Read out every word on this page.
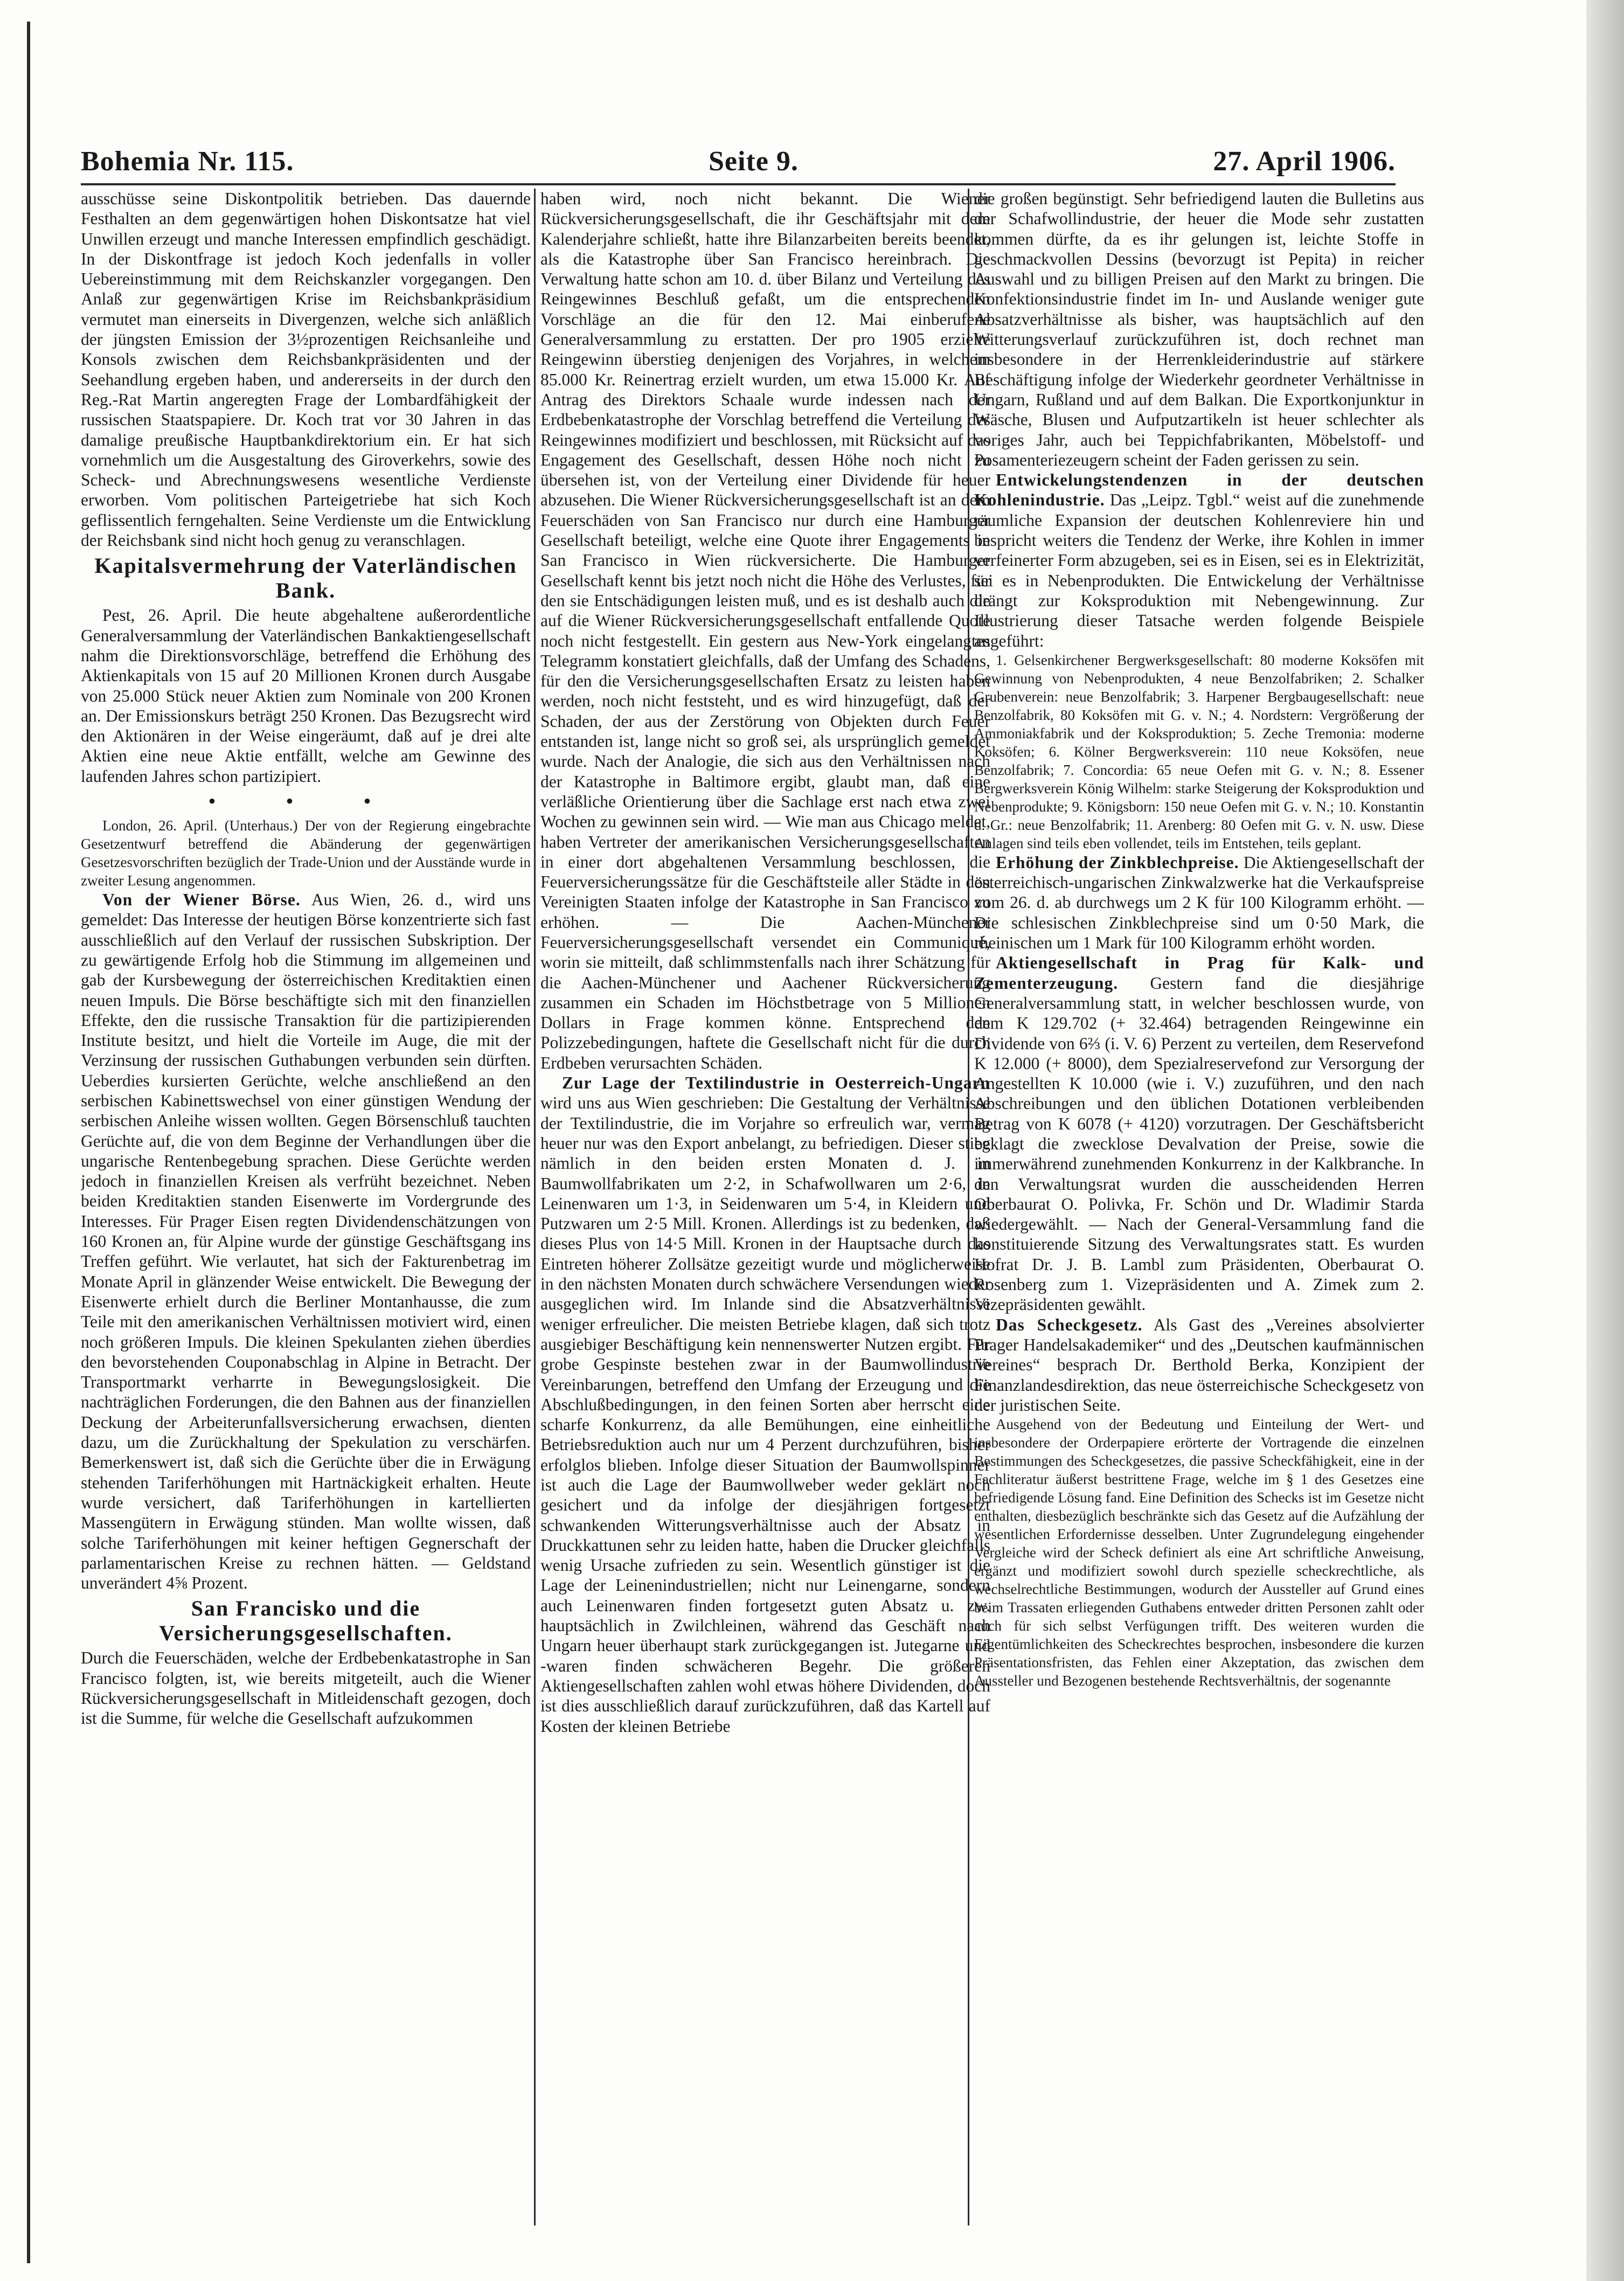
Bohemia Nr. 115.	Seite 9.	27. April 1906.

ausschüsse seine Diskontpolitik betrieben. Das dauernde Festhalten an dem gegenwärtigen hohen Diskontsatze hat viel Unwillen erzeugt und manche Interessen empfindlich geschädigt. In der Diskontfrage ist jedoch Koch jedenfalls in voller Uebereinstimmung mit dem Reichskanzler vorgegangen. Den Anlaß zur gegenwärtigen Krise im Reichsbankpräsidium vermutet man einerseits in Divergenzen, welche sich anläßlich der jüngsten Emission der 3½prozentigen Reichsanleihe und Konsols zwischen dem Reichsbankpräsidenten und der Seehandlung ergeben haben, und andererseits in der durch den Reg.-Rat Martin angeregten Frage der Lombardfähigkeit der russischen Staatspapiere. Dr. Koch trat vor 30 Jahren in das damalige preußische Hauptbankdirektorium ein. Er hat sich vornehmlich um die Ausgestaltung des Giroverkehrs, sowie des Scheck- und Abrechnungswesens wesentliche Verdienste erworben. Vom politischen Parteigetriebe hat sich Koch geflissentlich ferngehalten. Seine Verdienste um die Entwicklung der Reichsbank sind nicht hoch genug zu veranschlagen.

Kapitalsvermehrung der Vaterländischen Bank.

Pest, 26. April. Die heute abgehaltene außerordentliche Generalversammlung der Vaterländischen Bankaktiengesellschaft nahm die Direktionsvorschläge, betreffend die Erhöhung des Aktienkapitals von 15 auf 20 Millionen Kronen durch Ausgabe von 25.000 Stück neuer Aktien zum Nominale von 200 Kronen an. Der Emissionskurs beträgt 250 Kronen. Das Bezugsrecht wird den Aktionären in der Weise eingeräumt, daß auf je drei alte Aktien eine neue Aktie entfällt, welche am Gewinne des laufenden Jahres schon partizipiert.

• • •

London, 26. April. (Unterhaus.) Der von der Regierung eingebrachte Gesetzentwurf betreffend die Abänderung der gegenwärtigen Gesetzesvorschriften bezüglich der Trade-Union und der Ausstände wurde in zweiter Lesung angenommen.

Von der Wiener Börse. Aus Wien, 26. d., wird uns gemeldet: Das Interesse der heutigen Börse konzentrierte sich fast ausschließlich auf den Verlauf der russischen Subskription. Der zu gewärtigende Erfolg hob die Stimmung im allgemeinen und gab der Kursbewegung der österreichischen Kreditaktien einen neuen Impuls. Die Börse beschäftigte sich mit den finanziellen Effekte, den die russische Transaktion für die partizipierenden Institute besitzt, und hielt die Vorteile im Auge, die mit der Verzinsung der russischen Guthabungen verbunden sein dürften. Ueberdies kursierten Gerüchte, welche anschließend an den serbischen Kabinettswechsel von einer günstigen Wendung der serbischen Anleihe wissen wollten. Gegen Börsenschluß tauchten Gerüchte auf, die von dem Beginne der Verhandlungen über die ungarische Rentenbegebung sprachen. Diese Gerüchte werden jedoch in finanziellen Kreisen als verfrüht bezeichnet. Neben beiden Kreditaktien standen Eisenwerte im Vordergrunde des Interesses. Für Prager Eisen regten Dividendenschätzungen von 160 Kronen an, für Alpine wurde der günstige Geschäftsgang ins Treffen geführt. Wie verlautet, hat sich der Fakturenbetrag im Monate April in glänzender Weise entwickelt. Die Bewegung der Eisenwerte erhielt durch die Berliner Montanhausse, die zum Teile mit den amerikanischen Verhältnissen motiviert wird, einen noch größeren Impuls. Die kleinen Spekulanten ziehen überdies den bevorstehenden Couponabschlag in Alpine in Betracht. Der Transportmarkt verharrte in Bewegungslosigkeit. Die nachträglichen Forderungen, die den Bahnen aus der finanziellen Deckung der Arbeiterunfallsversicherung erwachsen, dienten dazu, um die Zurückhaltung der Spekulation zu verschärfen. Bemerkenswert ist, daß sich die Gerüchte über die in Erwägung stehenden Tariferhöhungen mit Hartnäckigkeit erhalten. Heute wurde versichert, daß Tariferhöhungen in kartellierten Massengütern in Erwägung stünden. Man wollte wissen, daß solche Tariferhöhungen mit keiner heftigen Gegnerschaft der parlamentarischen Kreise zu rechnen hätten. — Geldstand unverändert 4⅝ Prozent.

San Francisko und die Versicherungsgesellschaften.

Durch die Feuerschäden, welche der Erdbebenkatastrophe in San Francisco folgten, ist, wie bereits mitgeteilt, auch die Wiener Rückversicherungsgesellschaft in Mitleidenschaft gezogen, doch ist die Summe, für welche die Gesellschaft aufzukommen

haben wird, noch nicht bekannt. Die Wiener Rückversicherungsgesellschaft, die ihr Geschäftsjahr mit dem Kalenderjahre schließt, hatte ihre Bilanzarbeiten bereits beendet, als die Katastrophe über San Francisco hereinbrach. Die Verwaltung hatte schon am 10. d. über Bilanz und Verteilung des Reingewinnes Beschluß gefaßt, um die entsprechenden Vorschläge an die für den 12. Mai einberufene Generalversammlung zu erstatten. Der pro 1905 erzielte Reingewinn überstieg denjenigen des Vorjahres, in welchem 85.000 Kr. Reinertrag erzielt wurden, um etwa 15.000 Kr. Auf Antrag des Direktors Schaale wurde indessen nach der Erdbebenkatastrophe der Vorschlag betreffend die Verteilung des Reingewinnes modifiziert und beschlossen, mit Rücksicht auf das Engagement des Gesellschaft, dessen Höhe noch nicht zu übersehen ist, von der Verteilung einer Dividende für heuer abzusehen. Die Wiener Rückversicherungsgesellschaft ist an dem Feuerschäden von San Francisco nur durch eine Hamburger Gesellschaft beteiligt, welche eine Quote ihrer Engagements in San Francisco in Wien rückversicherte. Die Hamburger Gesellschaft kennt bis jetzt noch nicht die Höhe des Verlustes, für den sie Entschädigungen leisten muß, und es ist deshalb auch die auf die Wiener Rückversicherungsgesellschaft entfallende Quote noch nicht festgestellt. Ein gestern aus New-York eingelangtes Telegramm konstatiert gleichfalls, daß der Umfang des Schadens, für den die Versicherungsgesellschaften Ersatz zu leisten haben werden, noch nicht feststeht, und es wird hinzugefügt, daß der Schaden, der aus der Zerstörung von Objekten durch Feuer entstanden ist, lange nicht so groß sei, als ursprünglich gemeldet wurde. Nach der Analogie, die sich aus den Verhältnissen nach der Katastrophe in Baltimore ergibt, glaubt man, daß eine verläßliche Orientierung über die Sachlage erst nach etwa zwei Wochen zu gewinnen sein wird. — Wie man aus Chicago meldet, haben Vertreter der amerikanischen Versicherungsgesellschaften in einer dort abgehaltenen Versammlung beschlossen, die Feuerversicherungssätze für die Geschäftsteile aller Städte in den Vereinigten Staaten infolge der Katastrophe in San Francisco zu erhöhen. — Die Aachen-Münchener Feuerversicherungsgesellschaft versendet ein Communiqué, worin sie mitteilt, daß schlimmstenfalls nach ihrer Schätzung für die Aachen-Münchener und Aachener Rückversicherung zusammen ein Schaden im Höchstbetrage von 5 Millionen Dollars in Frage kommen könne. Entsprechend den Polizzebedingungen, haftete die Gesellschaft nicht für die durch Erdbeben verursachten Schäden.

Zur Lage der Textilindustrie in Oesterreich-Ungarn wird uns aus Wien geschrieben: Die Gestaltung der Verhältnisse der Textilindustrie, die im Vorjahre so erfreulich war, vermag heuer nur was den Export anbelangt, zu befriedigen. Dieser stieg nämlich in den beiden ersten Monaten d. J. in Baumwollfabrikaten um 2·2, in Schafwollwaren um 2·6, in Leinenwaren um 1·3, in Seidenwaren um 5·4, in Kleidern und Putzwaren um 2·5 Mill. Kronen. Allerdings ist zu bedenken, daß dieses Plus von 14·5 Mill. Kronen in der Hauptsache durch das Eintreten höherer Zollsätze gezeitigt wurde und möglicherweise in den nächsten Monaten durch schwächere Versendungen wieder ausgeglichen wird. Im Inlande sind die Absatzverhältnisse weniger erfreulicher. Die meisten Betriebe klagen, daß sich trotz ausgiebiger Beschäftigung kein nennenswerter Nutzen ergibt. Für grobe Gespinste bestehen zwar in der Baumwollindustrie Vereinbarungen, betreffend den Umfang der Erzeugung und die Abschlußbedingungen, in den feinen Sorten aber herrscht eine scharfe Konkurrenz, da alle Bemühungen, eine einheitliche Betriebsreduktion auch nur um 4 Perzent durchzuführen, bisher erfolglos blieben. Infolge dieser Situation der Baumwollspinner ist auch die Lage der Baumwollweber weder geklärt noch gesichert und da infolge der diesjährigen fortgesetzt schwankenden Witterungsverhältnisse auch der Absatz in Druckkattunen sehr zu leiden hatte, haben die Drucker gleichfalls wenig Ursache zufrieden zu sein. Wesentlich günstiger ist die Lage der Leinenindustriellen; nicht nur Leinengarne, sondern auch Leinenwaren finden fortgesetzt guten Absatz u. zw. hauptsächlich in Zwilchleinen, während das Geschäft nach Ungarn heuer überhaupt stark zurückgegangen ist. Jutegarne und -waren finden schwächeren Begehr. Die größeren Aktiengesellschaften zahlen wohl etwas höhere Dividenden, doch ist dies ausschließlich darauf zurückzuführen, daß das Kartell auf Kosten der kleinen Betriebe

die großen begünstigt. Sehr befriedigend lauten die Bulletins aus der Schafwollindustrie, der heuer die Mode sehr zustatten kommen dürfte, da es ihr gelungen ist, leichte Stoffe in geschmackvollen Dessins (bevorzugt ist Pepita) in reicher Auswahl und zu billigen Preisen auf den Markt zu bringen. Die Konfektionsindustrie findet im In- und Auslande weniger gute Absatzverhältnisse als bisher, was hauptsächlich auf den Witterungsverlauf zurückzuführen ist, doch rechnet man insbesondere in der Herrenkleiderindustrie auf stärkere Beschäftigung infolge der Wiederkehr geordneter Verhältnisse in Ungarn, Rußland und auf dem Balkan. Die Exportkonjunktur in Wäsche, Blusen und Aufputzartikeln ist heuer schlechter als voriges Jahr, auch bei Teppichfabrikanten, Möbelstoff- und Posamenteriezeugern scheint der Faden gerissen zu sein.

Entwickelungstendenzen in der deutschen Kohlenindustrie. Das „Leipz. Tgbl.“ weist auf die zunehmende räumliche Expansion der deutschen Kohlenreviere hin und bespricht weiters die Tendenz der Werke, ihre Kohlen in immer verfeinerter Form abzugeben, sei es in Eisen, sei es in Elektrizität, sei es in Nebenprodukten. Die Entwickelung der Verhältnisse drängt zur Koksproduktion mit Nebengewinnung. Zur Illustrierung dieser Tatsache werden folgende Beispiele angeführt:

1. Gelsenkirchener Bergwerksgesellschaft: 80 moderne Koksöfen mit Gewinnung von Nebenprodukten, 4 neue Benzolfabriken; 2. Schalker Grubenverein: neue Benzolfabrik; 3. Harpener Bergbaugesellschaft: neue Benzolfabrik, 80 Koksöfen mit G. v. N.; 4. Nordstern: Vergrößerung der Ammoniakfabrik und der Koksproduktion; 5. Zeche Tremonia: moderne Koksöfen; 6. Kölner Bergwerksverein: 110 neue Koksöfen, neue Benzolfabrik; 7. Concordia: 65 neue Oefen mit G. v. N.; 8. Essener Bergwerksverein König Wilhelm: starke Steigerung der Koksproduktion und Nebenprodukte; 9. Königsborn: 150 neue Oefen mit G. v. N.; 10. Konstantin d. Gr.: neue Benzolfabrik; 11. Arenberg: 80 Oefen mit G. v. N. usw. Diese Anlagen sind teils eben vollendet, teils im Entstehen, teils geplant.

Erhöhung der Zinkblechpreise. Die Aktiengesellschaft der österreichisch-ungarischen Zinkwalzwerke hat die Verkaufspreise vom 26. d. ab durchwegs um 2 K für 100 Kilogramm erhöht. — Die schlesischen Zinkblechpreise sind um 0·50 Mark, die rheinischen um 1 Mark für 100 Kilogramm erhöht worden.

Aktiengesellschaft in Prag für Kalk- und Zementerzeugung. Gestern fand die diesjährige Generalversammlung statt, in welcher beschlossen wurde, von dem K 129.702 (+ 32.464) betragenden Reingewinne ein Dividende von 6⅔ (i. V. 6) Perzent zu verteilen, dem Reservefond K 12.000 (+ 8000), dem Spezialreservefond zur Versorgung der Angestellten K 10.000 (wie i. V.) zuzuführen, und den nach Abschreibungen und den üblichen Dotationen verbleibenden Betrag von K 6078 (+ 4120) vorzutragen. Der Geschäftsbericht beklagt die zwecklose Devalvation der Preise, sowie die immerwährend zunehmenden Konkurrenz in der Kalkbranche. In den Verwaltungsrat wurden die ausscheidenden Herren Oberbaurat O. Polivka, Fr. Schön und Dr. Wladimir Starda wiedergewählt. — Nach der General-Versammlung fand die konstituierende Sitzung des Verwaltungsrates statt. Es wurden Hofrat Dr. J. B. Lambl zum Präsidenten, Oberbaurat O. Rosenberg zum 1. Vizepräsidenten und A. Zimek zum 2. Vizepräsidenten gewählt.

Das Scheckgesetz. Als Gast des „Vereines absolvierter Prager Handelsakademiker“ und des „Deutschen kaufmännischen Vereines“ besprach Dr. Berthold Berka, Konzipient der Finanzlandesdirektion, das neue österreichische Scheckgesetz von der juristischen Seite.

Ausgehend von der Bedeutung und Einteilung der Wert- und insbesondere der Orderpapiere erörterte der Vortragende die einzelnen Bestimmungen des Scheckgesetzes, die passive Scheckfähigkeit, eine in der Fachliteratur äußerst bestrittene Frage, welche im § 1 des Gesetzes eine befriedigende Lösung fand. Eine Definition des Schecks ist im Gesetze nicht enthalten, diesbezüglich beschränkte sich das Gesetz auf die Aufzählung der wesentlichen Erfordernisse desselben. Unter Zugrundelegung eingehender Vergleiche wird der Scheck definiert als eine Art schriftliche Anweisung, ergänzt und modifiziert sowohl durch spezielle scheckrechtliche, als wechselrechtliche Bestimmungen, wodurch der Aussteller auf Grund eines beim Trassaten erliegenden Guthabens entweder dritten Personen zahlt oder auch für sich selbst Verfügungen trifft. Des weiteren wurden die Eigentümlichkeiten des Scheckrechtes besprochen, insbesondere die kurzen Präsentationsfristen, das Fehlen einer Akzeptation, das zwischen dem Aussteller und Bezogenen bestehende Rechtsverhältnis, der sogenannte
